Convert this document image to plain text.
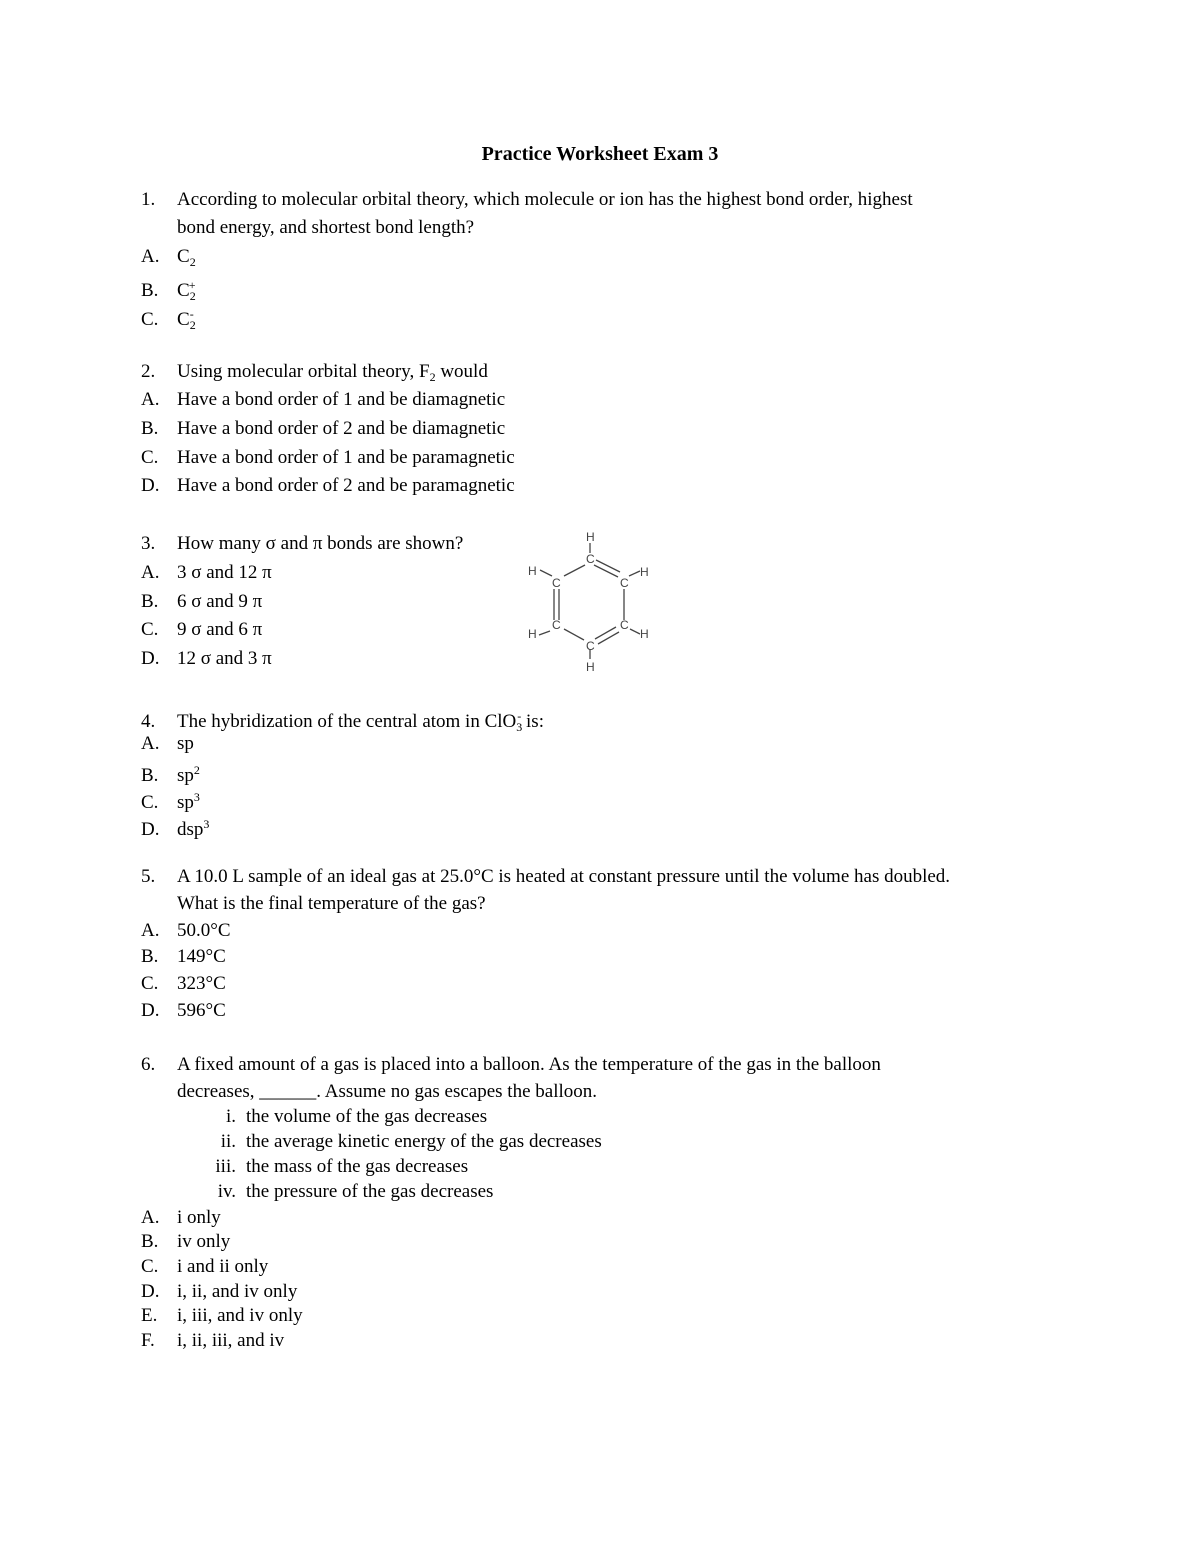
Practice Worksheet Exam 3
1. According to molecular orbital theory, which molecule or ion has the highest bond order, highest
bond energy, and shortest bond length?
A. $C_2$
B. $C_2^+$
C. $C_2^-$
2. Using molecular orbital theory, $F_2$ would
A. Have a bond order of 1 and be diamagnetic
B. Have a bond order of 2 and be diamagnetic
C. Have a bond order of 1 and be paramagnetic
D. Have a bond order of 2 and be paramagnetic
3. How many σ and π bonds are shown?
A. 3 σ and 12 π
B. 6 σ and 9 π
C. 9 σ and 6 π
D. 12 σ and 3 π
H
C
H
C	C
H
C
H
C
H
C
H
4. The hybridization of the central atom in ClO$_3$- is:
A. sp
B. $sp^2$
C. $sp^3$
D. dsp$^3$
5. A 10.0 L sample of an ideal gas at 25.0°C is heated at constant pressure until the volume has doubled.
What is the final temperature of the gas?
A. 50.0°C
B. 149°C
C. 323°C
D. 596°C
6. A fixed amount of a gas is placed into a balloon. As the temperature of the gas in the balloon
decreases, ______. Assume no gas escapes the balloon.
i. the volume of the gas decreases
ii. the average kinetic energy of the gas decreases
iii. the mass of the gas decreases
iv. the pressure of the gas decreases
A. i only
B. iv only
C. i and ii only
D. i, ii, and iv only
E. i, iii, and iv only
F. i, ii, iii, and iv
